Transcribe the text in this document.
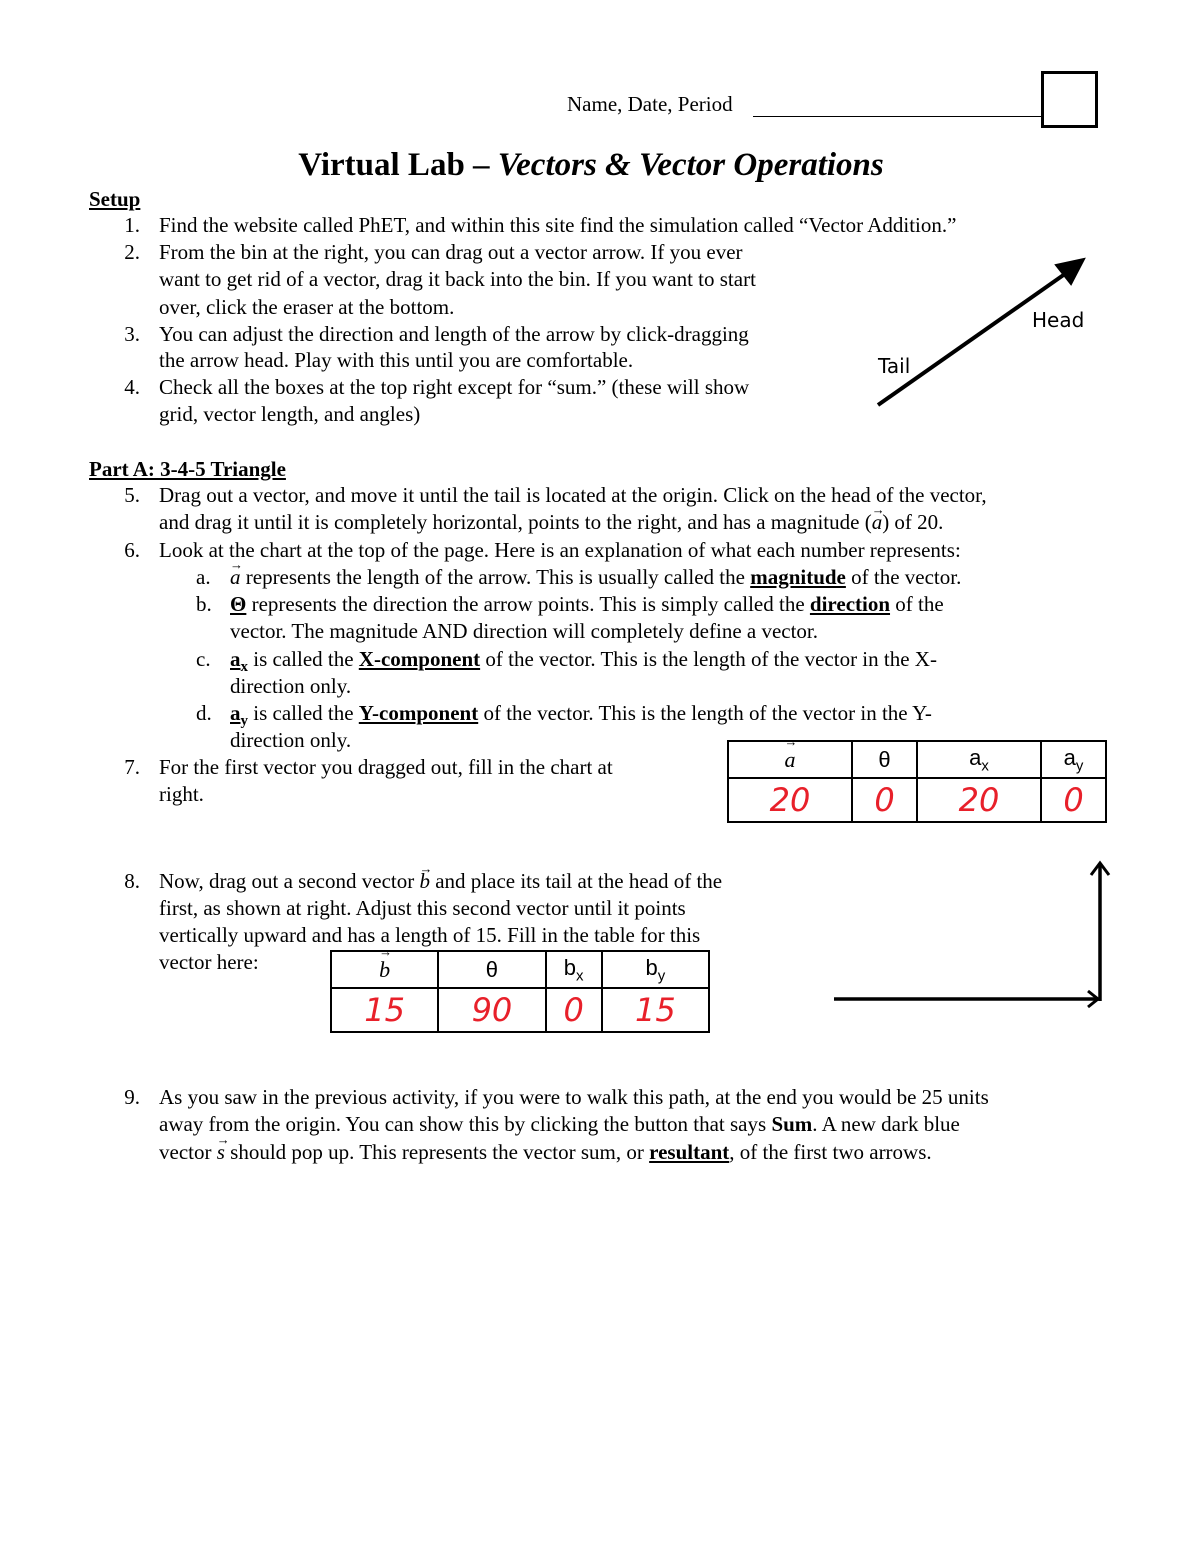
Name, Date, Period
Virtual Lab – Vectors & Vector Operations
Setup
1. Find the website called PhET, and within this site find the simulation called “Vector Addition.”
2. From the bin at the right, you can drag out a vector arrow. If you ever
want to get rid of a vector, drag it back into the bin. If you want to start
over, click the eraser at the bottom.
3. You can adjust the direction and length of the arrow by click-dragging
the arrow head. Play with this until you are comfortable.
4. Check all the boxes at the top right except for “sum.” (these will show
grid, vector length, and angles)
Head
Tail
Part A: 3-4-5 Triangle
5. Drag out a vector, and move it until the tail is located at the origin. Click on the head of the vector,
and drag it until it is completely horizontal, points to the right, and has a magnitude (→ a) of 20.
6. Look at the chart at the top of the page. Here is an explanation of what each number represents:
a. → a represents the length of the arrow. This is usually called the magnitude of the vector.
b. Θ represents the direction the arrow points. This is simply called the direction of the
vector. The magnitude AND direction will completely define a vector.
c. $a_x$ is called the X-component of the vector. This is the length of the vector in the X-
direction only.
d. $a_y$ is called the Y-component of the vector. This is the length of the vector in the Y-
direction only.
7. For the first vector you dragged out, fill in the chart at
right.
→ a	θ	$a_x$	$a_y$
20	0	20	0
8. Now, drag out a second vector → b and place its tail at the head of the
first, as shown at right. Adjust this second vector until it points
vertically upward and has a length of 15. Fill in the table for this
vector here:	→ b	θ	$b_x$	$b_y$
15	90	0	15
9. As you saw in the previous activity, if you were to walk this path, at the end you would be 25 units
away from the origin. You can show this by clicking the button that says Sum. A new dark blue
vector → s should pop up. This represents the vector sum, or resultant, of the first two arrows.
